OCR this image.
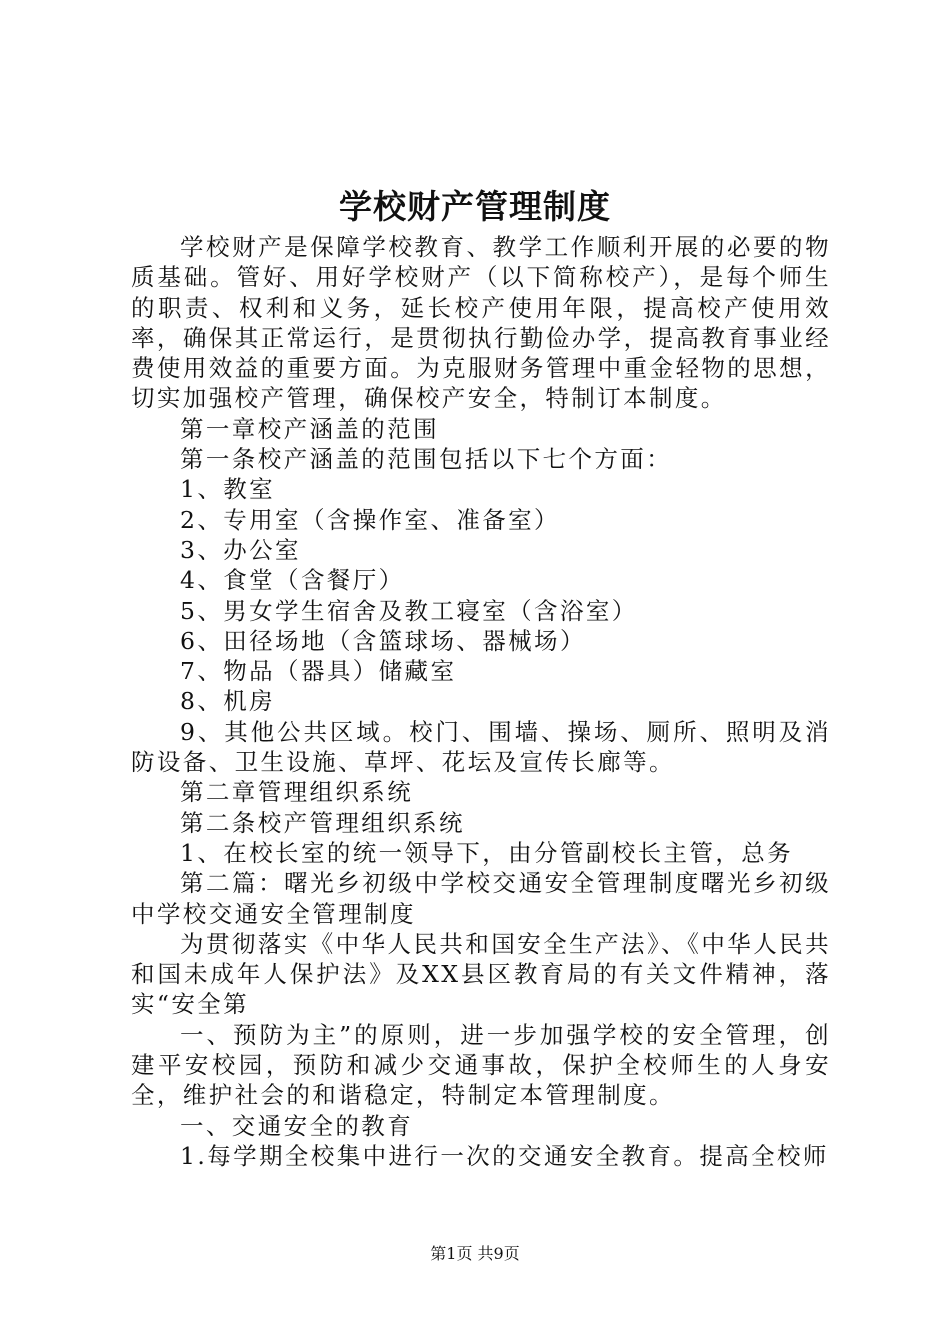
学校财产管理制度

学校财产是保障学校教育、教学工作顺利开展的必要的物质基础。管好、用好学校财产（以下简称校产），是每个师生的职责、权利和义务，延长校产使用年限，提高校产使用效率，确保其正常运行，是贯彻执行勤俭办学，提高教育事业经费使用效益的重要方面。为克服财务管理中重金轻物的思想，切实加强校产管理，确保校产安全，特制订本制度。

第一章校产涵盖的范围

第一条校产涵盖的范围包括以下七个方面：

1、教室

2、专用室（含操作室、准备室）

3、办公室

4、食堂（含餐厅）

5、男女学生宿舍及教工寝室（含浴室）

6、田径场地（含篮球场、器械场）

7、物品（器具）储藏室

8、机房

9、其他公共区域。校门、围墙、操场、厕所、照明及消防设备、卫生设施、草坪、花坛及宣传长廊等。

第二章管理组织系统

第二条校产管理组织系统

1、在校长室的统一领导下，由分管副校长主管，总务

第二篇：曙光乡初级中学校交通安全管理制度曙光乡初级中学校交通安全管理制度

为贯彻落实《中华人民共和国安全生产法》、《中华人民共和国未成年人保护法》及XX县区教育局的有关文件精神，落实“安全第

一、预防为主”的原则，进一步加强学校的安全管理，创建平安校园，预防和减少交通事故，保护全校师生的人身安全，维护社会的和谐稳定，特制定本管理制度。

一、交通安全的教育

1.每学期全校集中进行一次的交通安全教育。提高全校师

第1页 共9页
